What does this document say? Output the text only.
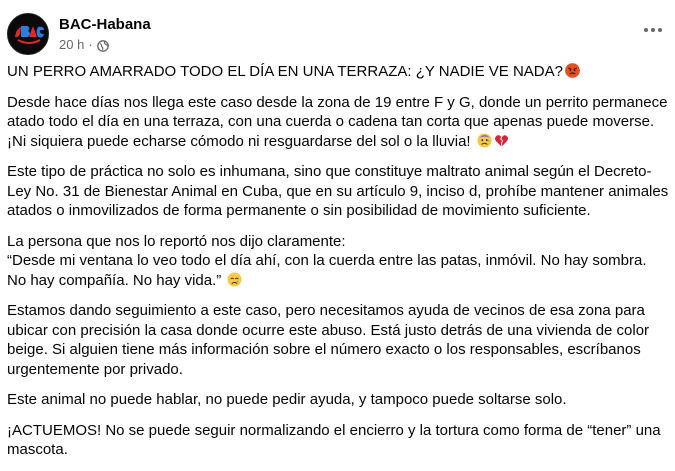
BAC-Habana
20 h ·

UN PERRO AMARRADO TODO EL DÍA EN UNA TERRAZA: ¿Y NADIE VE NADA?

Desde hace días nos llega este caso desde la zona de 19 entre F y G, donde un perrito permanece atado todo el día en una terraza, con una cuerda o cadena tan corta que apenas puede moverse. ¡Ni siquiera puede echarse cómodo ni resguardarse del sol o la lluvia!

Este tipo de práctica no solo es inhumana, sino que constituye maltrato animal según el Decreto-Ley No. 31 de Bienestar Animal en Cuba, que en su artículo 9, inciso d, prohíbe mantener animales atados o inmovilizados de forma permanente o sin posibilidad de movimiento suficiente.

La persona que nos lo reportó nos dijo claramente:
“Desde mi ventana lo veo todo el día ahí, con la cuerda entre las patas, inmóvil. No hay sombra. No hay compañía. No hay vida.”

Estamos dando seguimiento a este caso, pero necesitamos ayuda de vecinos de esa zona para ubicar con precisión la casa donde ocurre este abuso. Está justo detrás de una vivienda de color beige. Si alguien tiene más información sobre el número exacto o los responsables, escríbanos urgentemente por privado.

Este animal no puede hablar, no puede pedir ayuda, y tampoco puede soltarse solo.

¡ACTUEMOS! No se puede seguir normalizando el encierro y la tortura como forma de “tener” una mascota.
